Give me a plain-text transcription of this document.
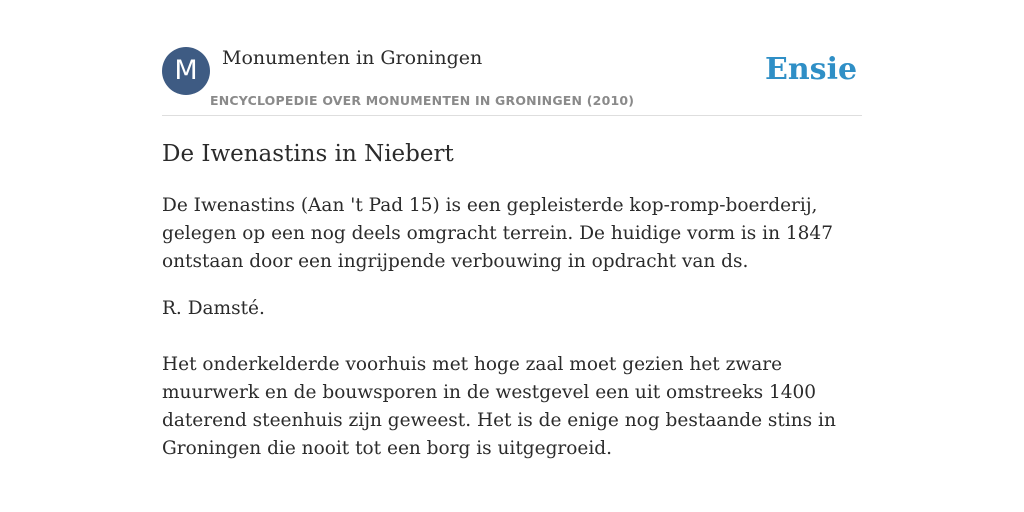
M	Monumenten in Groningen
ENCYCLOPEDIE OVER MONUMENTEN IN GRONINGEN (2010)
Ensie
De Iwenastins in Niebert

De Iwenastins (Aan 't Pad 15) is een gepleisterde kop-romp-boerderij, gelegen op een nog deels omgracht terrein. De huidige vorm is in 1847 ontstaan door een ingrijpende verbouwing in opdracht van ds.

R. Damsté.

Het onderkelderde voorhuis met hoge zaal moet gezien het zware muurwerk en de bouwsporen in de westgevel een uit omstreeks 1400 daterend steenhuis zijn geweest. Het is de enige nog bestaande stins in Groningen die nooit tot een borg is uitgegroeid.
